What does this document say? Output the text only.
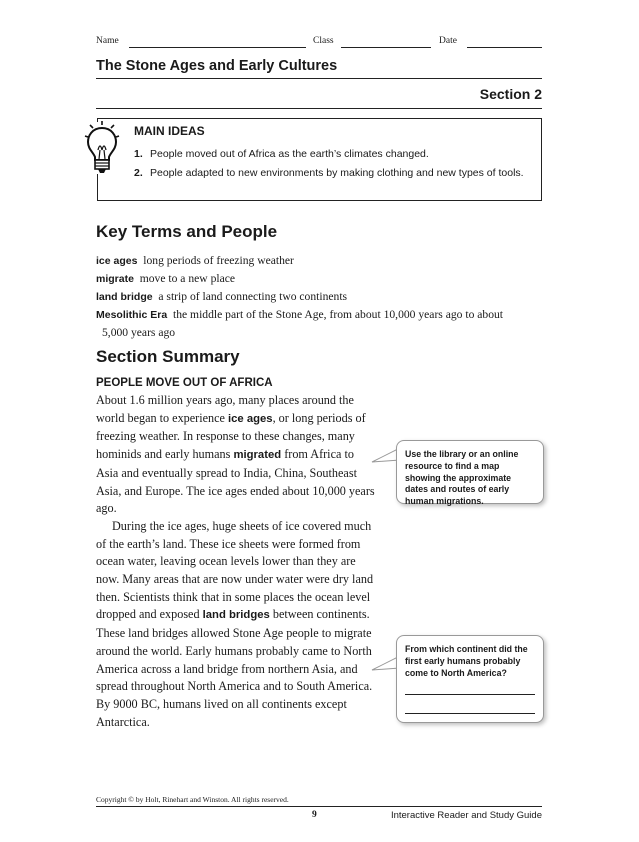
Name	Class	Date
The Stone Ages and Early Cultures
Section 2
MAIN IDEAS
1. People moved out of Africa as the earth’s climates changed.
2. People adapted to new environments by making clothing and new types of tools.
Key Terms and People
ice ages long periods of freezing weather
migrate move to a new place
land bridge a strip of land connecting two continents
Mesolithic Era the middle part of the Stone Age, from about 10,000 years ago to about 5,000 years ago
Section Summary
PEOPLE MOVE OUT OF AFRICA

About 1.6 million years ago, many places around the world began to experience ice ages, or long periods of freezing weather. In response to these changes, many hominids and early humans migrated from Africa to Asia and eventually spread to India, China, Southeast Asia, and Europe. The ice ages ended about 10,000 years ago.

During the ice ages, huge sheets of ice covered much of the earth’s land. These ice sheets were formed from ocean water, leaving ocean levels lower than they are now. Many areas that are now under water were dry land then. Scientists think that in some places the ocean level dropped and exposed land bridges between continents. These land bridges allowed Stone Age people to migrate around the world. Early humans probably came to North America across a land bridge from northern Asia, and spread throughout North America and to South America. By 9000 BC, humans lived on all continents except Antarctica.

Use the library or an online resource to find a map showing the approximate dates and routes of early human migrations.
From which continent did the first early humans probably come to North America?
Copyright © by Holt, Rinehart and Winston. All rights reserved.
9	Interactive Reader and Study Guide
